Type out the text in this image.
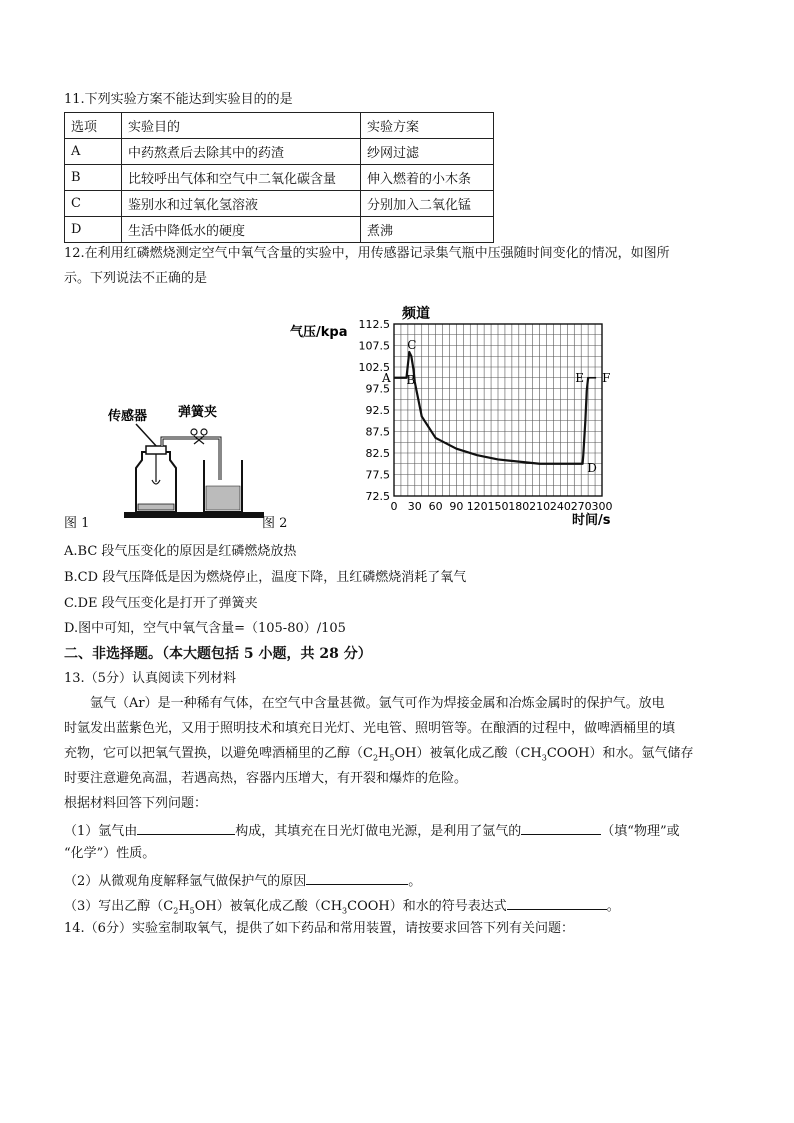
11.下列实验方案不能达到实验目的的是
选项	实验目的	实验方案
A	中药熬煮后去除其中的药渣	纱网过滤
B	比较呼出气体和空气中二氧化碳含量	伸入燃着的小木条
C	鉴别水和过氧化氢溶液	分别加入二氧化锰
D	生活中降低水的硬度	煮沸
12.在利用红磷燃烧测定空气中氧气含量的实验中，用传感器记录集气瓶中压强随时间变化的情况，如图所
示。下列说法不正确的是
传感器 弹簧夹
图 1	图 2
0 30 60 90 120 150 180 210 240 270 300
112.5
107.5
102.5
97.5
92.5
87.5
82.5
77.5
72.5
A B
C
D
E F
频道
气压/kpa
时间/s
A.BC 段气压变化的原因是红磷燃烧放热
B.CD 段气压降低是因为燃烧停止，温度下降，且红磷燃烧消耗了氧气
C.DE 段气压变化是打开了弹簧夹
D.图中可知，空气中氧气含量=（105-80）/105
二、非选择题。（本大题包括 5 小题，共 28 分）
13.（5分）认真阅读下列材料
氩气（Ar）是一种稀有气体，在空气中含量甚微。氩气可作为焊接金属和冶炼金属时的保护气。放电
时氩发出蓝紫色光，又用于照明技术和填充日光灯、光电管、照明管等。在酿酒的过程中，做啤酒桶里的填
充物，它可以把氧气置换，以避免啤酒桶里的乙醇$(C_2H_5OH)$被氧化成乙酸$(CH_3COOH)$和水。氩气储存
时要注意避免高温，若遇高热，容器内压增大，有开裂和爆炸的危险。
根据材料回答下列问题：
（1）氩气由	构成，其填充在日光灯做电光源，是利用了氩气的	（填“物理”或
“化学”）性质。
（2）从微观角度解释氩气做保护气的原因	。
（3）写出乙醇$(C_2H_5OH)$被氧化成乙酸$(CH_3COOH)$和水的符号表达式	。
14.（6分）实验室制取氧气，提供了如下药品和常用装置，请按要求回答下列有关问题：
